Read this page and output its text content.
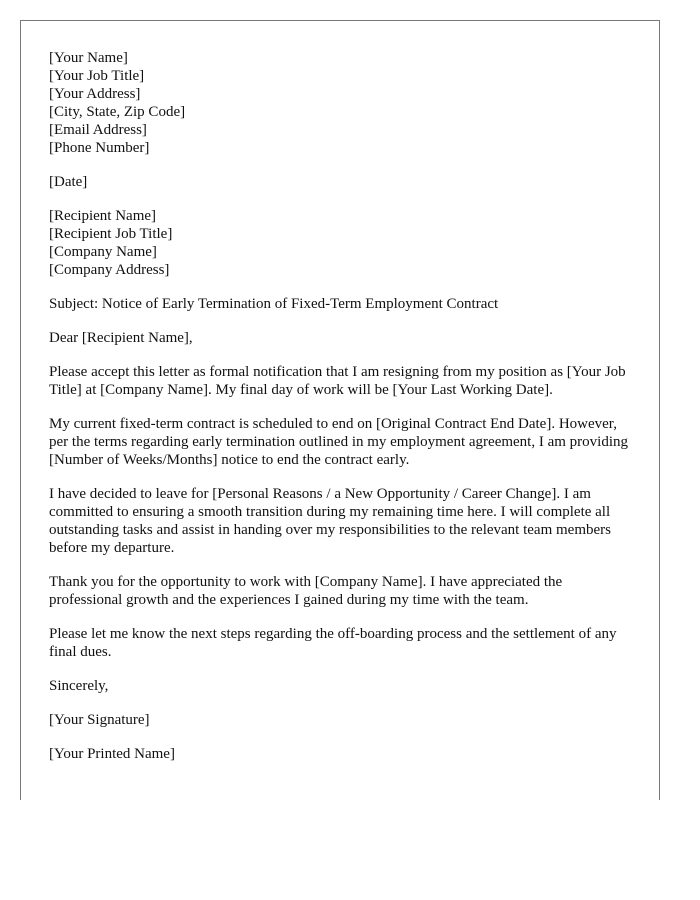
[Your Name]
[Your Job Title]
[Your Address]
[City, State, Zip Code]
[Email Address]
[Phone Number]
[Date]
[Recipient Name]
[Recipient Job Title]
[Company Name]
[Company Address]

Subject: Notice of Early Termination of Fixed-Term Employment Contract

Dear [Recipient Name],

Please accept this letter as formal notification that I am resigning from my position as [Your Job Title] at [Company Name]. My final day of work will be [Your Last Working Date].

My current fixed-term contract is scheduled to end on [Original Contract End Date]. However, per the terms regarding early termination outlined in my employment agreement, I am providing [Number of Weeks/Months] notice to end the contract early.

I have decided to leave for [Personal Reasons / a New Opportunity / Career Change]. I am committed to ensuring a smooth transition during my remaining time here. I will complete all outstanding tasks and assist in handing over my responsibilities to the relevant team members before my departure.

Thank you for the opportunity to work with [Company Name]. I have appreciated the professional growth and the experiences I gained during my time with the team.

Please let me know the next steps regarding the off-boarding process and the settlement of any final dues.

Sincerely,

[Your Signature]

[Your Printed Name]
